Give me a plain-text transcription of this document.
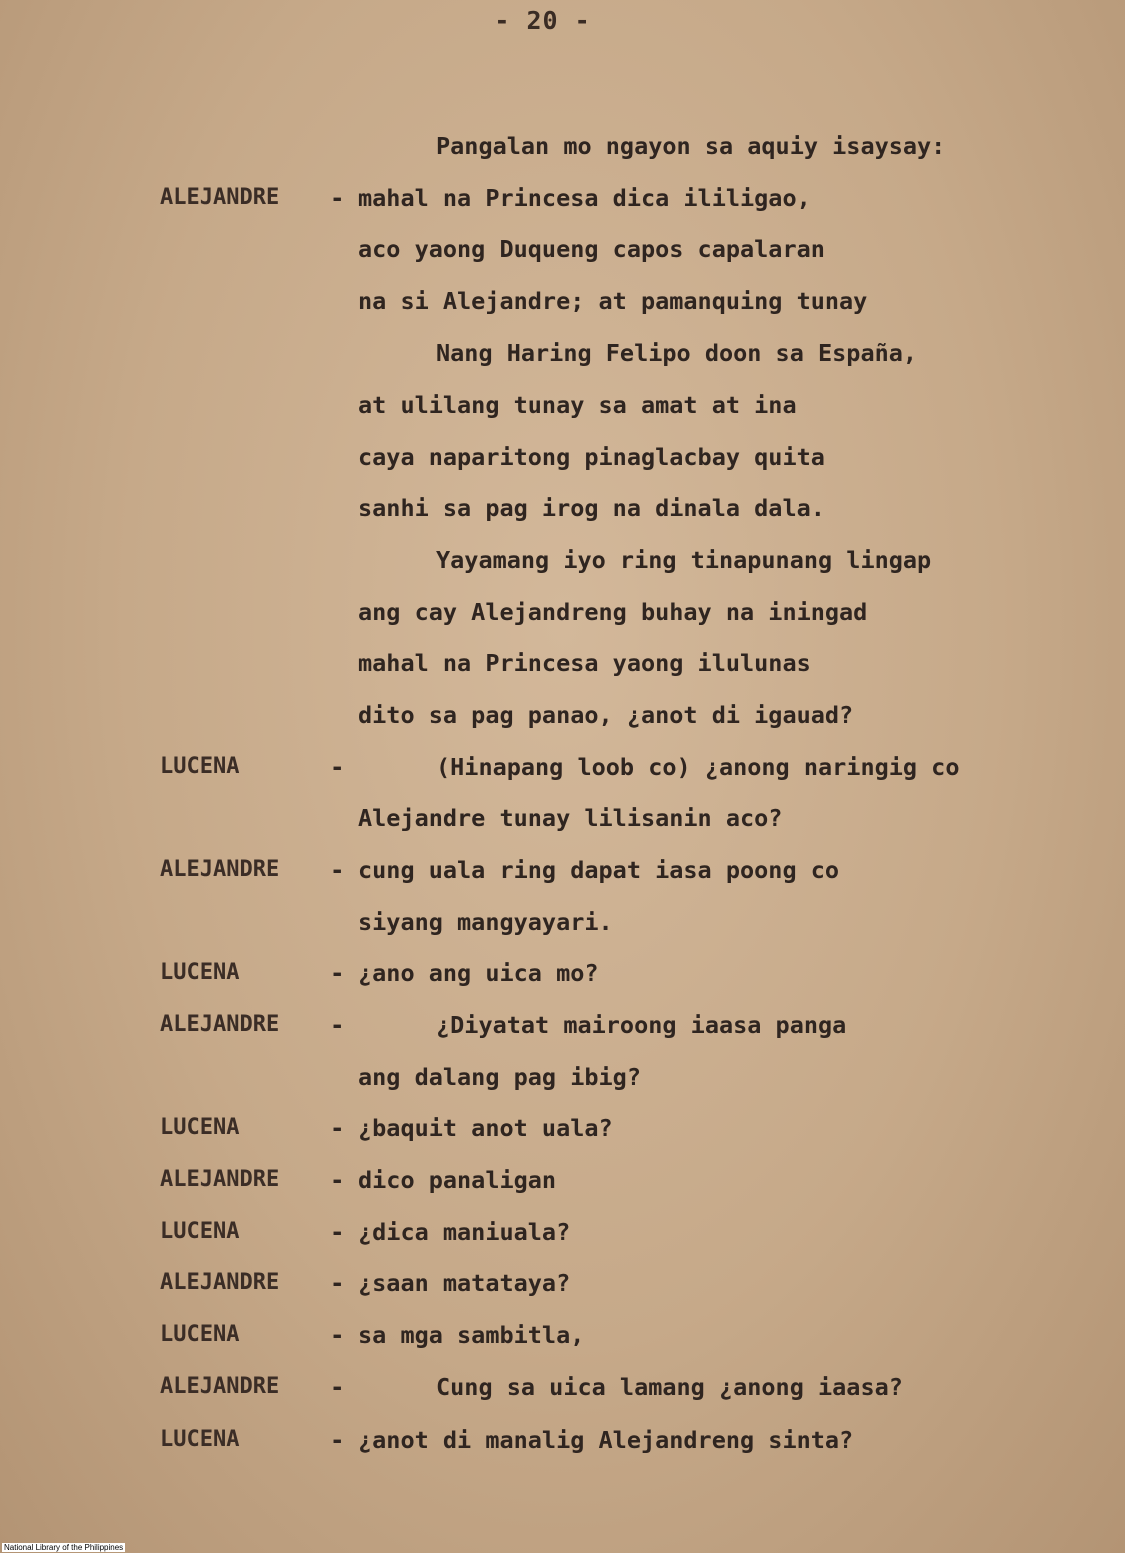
- 20 -
Pangalan mo ngayon sa aquiy isaysay:
ALEJANDRE - mahal na Princesa dica ililigao,
aco yaong Duqueng capos capalaran
na si Alejandre; at pamanquing tunay
Nang Haring Felipo doon sa España,
at ulilang tunay sa amat at ina
caya naparitong pinaglacbay quita
sanhi sa pag irog na dinala dala.
Yayamang iyo ring tinapunang lingap
ang cay Alejandreng buhay na iningad
mahal na Princesa yaong ilulunas
dito sa pag panao, ¿anot di igauad?
LUCENA	-	(Hinapang loob co) ¿anong naringig co
Alejandre tunay lilisanin aco?
ALEJANDRE - cung uala ring dapat iasa poong co
siyang mangyayari.
LUCENA	- ¿ano ang uica mo?
ALEJANDRE -	¿Diyatat mairoong iaasa panga
ang dalang pag ibig?
LUCENA	- ¿baquit anot uala?
ALEJANDRE - dico panaligan
LUCENA	- ¿dica maniuala?
ALEJANDRE - ¿saan matataya?
LUCENA	- sa mga sambitla,
ALEJANDRE -	Cung sa uica lamang ¿anong iaasa?
LUCENA	- ¿anot di manalig Alejandreng sinta?
National Library of the Philippines
